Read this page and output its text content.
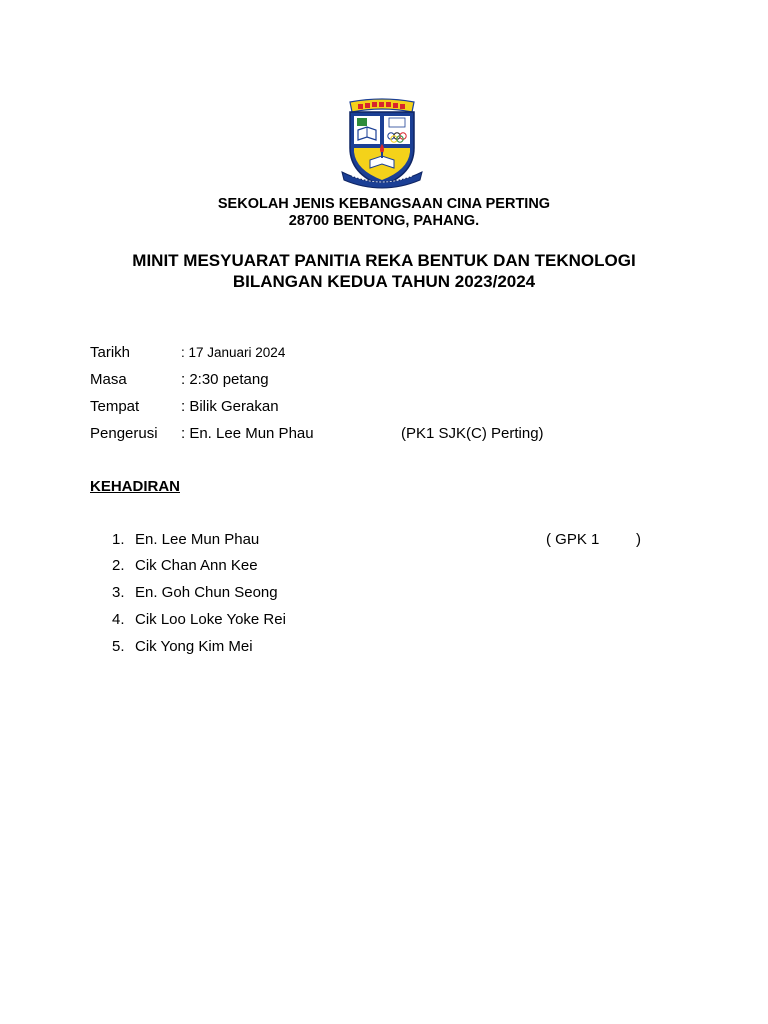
SEKOLAH JENIS KEBANGSAAN CINA PERTING
28700 BENTONG, PAHANG.
MINIT MESYUARAT PANITIA REKA BENTUK DAN TEKNOLOGI
BILANGAN KEDUA TAHUN 2023/2024
Tarikh	: 17 Januari 2024
Masa	: 2:30 petang
Tempat	: Bilik Gerakan
Pengerusi : En. Lee Mun Phau	(PK1 SJK(C) Perting)
KEHADIRAN
1. En. Lee Mun Phau	( GPK 1 )
2. Cik Chan Ann Kee
3. En. Goh Chun Seong
4. Cik Loo Loke Yoke Rei
5. Cik Yong Kim Mei
